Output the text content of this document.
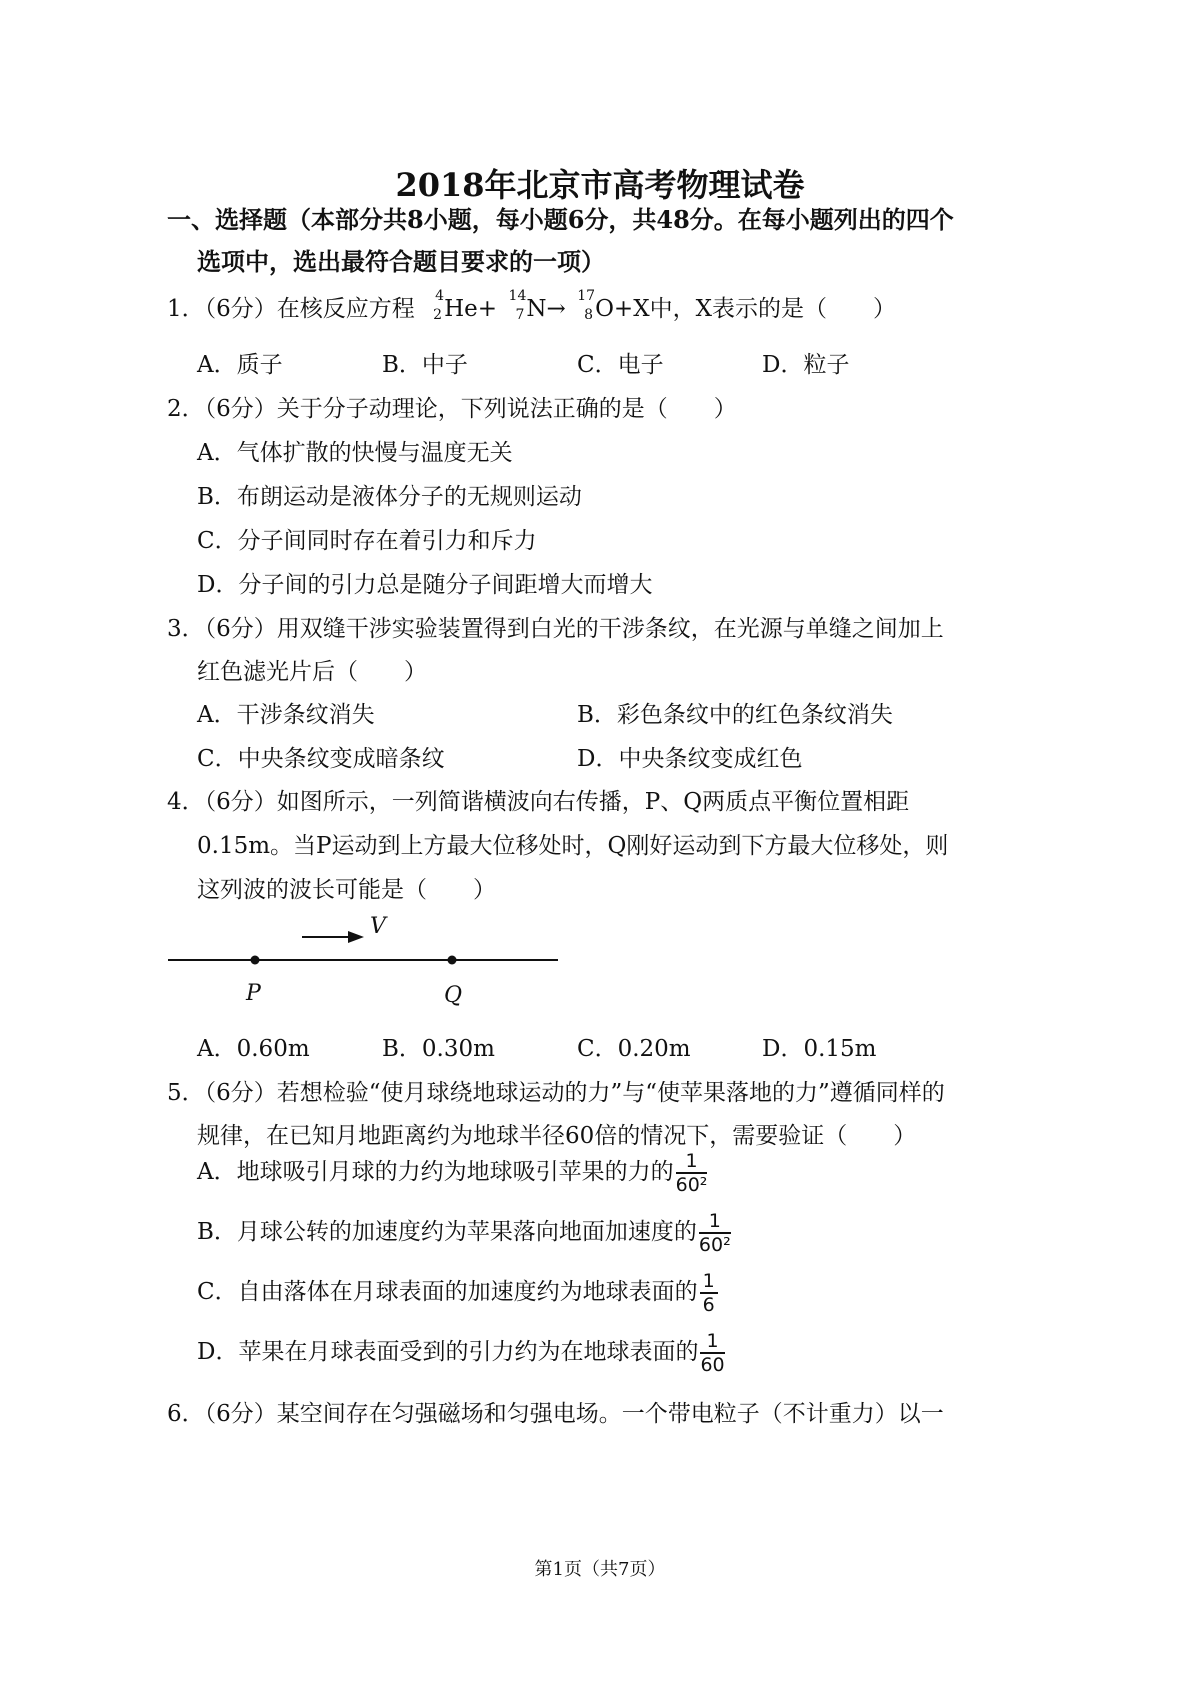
2018年北京市高考物理试卷
一、选择题（本部分共8小题，每小题6分，共48分。在每小题列出的四个
选项中，选出最符合题目要求的一项）
1．（6分）在核反应方程 4
2 He+ 14
7 N→ 17
8 O+X中，X表示的是（　　）
A．质子	B．中子	C．电子	D．粒子
2．（6分）关于分子动理论，下列说法正确的是（　　）
A．气体扩散的快慢与温度无关
B．布朗运动是液体分子的无规则运动
C．分子间同时存在着引力和斥力
D．分子间的引力总是随分子间距增大而增大
3．（6分）用双缝干涉实验装置得到白光的干涉条纹，在光源与单缝之间加上
红色滤光片后（　　）
A．干涉条纹消失	B．彩色条纹中的红色条纹消失
C．中央条纹变成暗条纹	D．中央条纹变成红色
4．（6分）如图所示，一列简谐横波向右传播，P、Q两质点平衡位置相距
0.15m。当P运动到上方最大位移处时，Q刚好运动到下方最大位移处，则
这列波的波长可能是（　　）
V
P	Q
A．0.60m	B．0.30m	C．0.20m	D．0.15m
5．（6分）若想检验“使月球绕地球运动的力”与“使苹果落地的力”遵循同样的
规律，在已知月地距离约为地球半径60倍的情况下，需要验证（　　）
A．地球吸引月球的力约为地球吸引苹果的力的 $\frac{1}{\text{60²}}$
B．月球公转的加速度约为苹果落向地面加速度的 $\frac{1}{\text{60²}}$
C．自由落体在月球表面的加速度约为地球表面的 $\frac{1}{6}$
D．苹果在月球表面受到的引力约为在地球表面的 $\frac{1}{60}$
6．（6分）某空间存在匀强磁场和匀强电场。一个带电粒子（不计重力）以一
第1页（共7页）
